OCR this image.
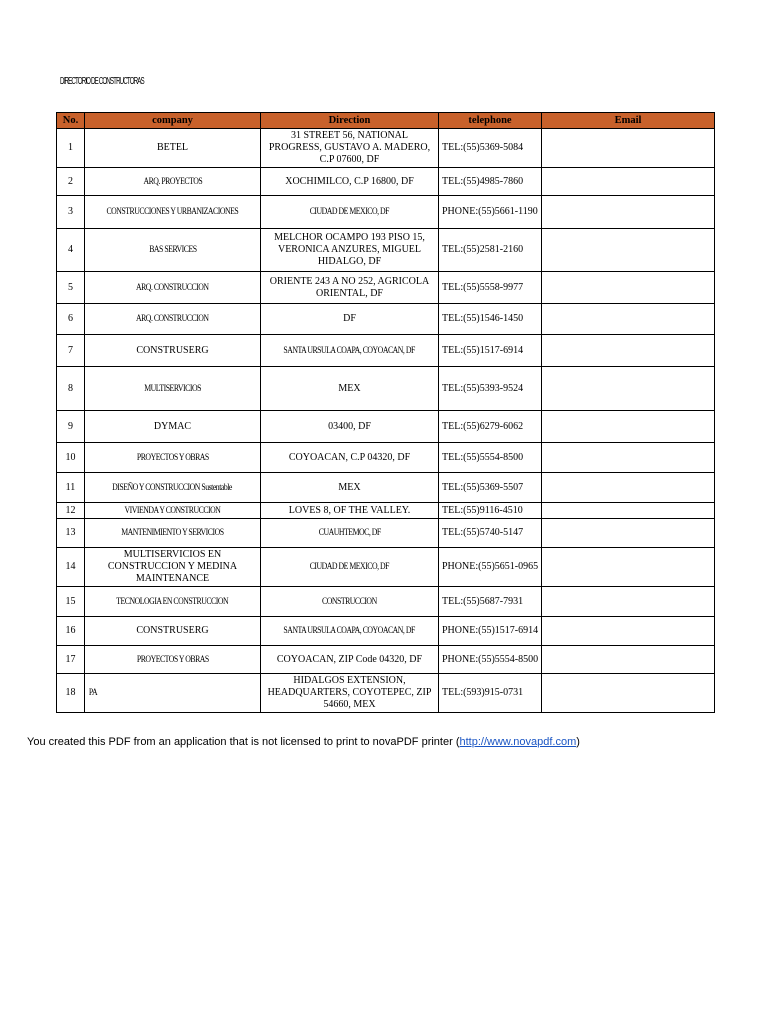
DIRECTORIO DE CONSTRUCTORAS
No.	company	Direction	telephone	Email
1	BETEL	31 STREET 56, NATIONAL PROGRESS, GUSTAVO A. MADERO, C.P 07600, DF	TEL:(55)5369-5084	
2	ARQ. PROYECTOS	XOCHIMILCO, C.P 16800, DF	TEL:(55)4985-7860	
3	CONSTRUCCIONES Y URBANIZACIONES	CIUDAD DE MEXICO, DF	PHONE:(55)5661-1190	
4	BAS SERVICES	MELCHOR OCAMPO 193 PISO 15, VERONICA ANZURES, MIGUEL HIDALGO, DF	TEL:(55)2581-2160	
5	ARQ. CONSTRUCCION	ORIENTE 243 A NO 252, AGRICOLA ORIENTAL, DF	TEL:(55)5558-9977	
6	ARQ. CONSTRUCCION	DF	TEL:(55)1546-1450	
7	CONSTRUSERG	SANTA URSULA COAPA, COYOACAN, DF	TEL:(55)1517-6914	
8	MULTISERVICIOS	MEX	TEL:(55)5393-9524	
9	DYMAC	03400, DF	TEL:(55)6279-6062	
10	PROYECTOS Y OBRAS	COYOACAN, C.P 04320, DF	TEL:(55)5554-8500	
11	DISEÑO Y CONSTRUCCION Sustentable	MEX	TEL:(55)5369-5507	
12	VIVIENDA Y CONSTRUCCION	LOVES 8, OF THE VALLEY.	TEL:(55)9116-4510	
13	MANTENIMIENTO Y SERVICIOS	CUAUHTEMOC, DF	TEL:(55)5740-5147	
14	MULTISERVICIOS EN CONSTRUCCION Y MEDINA MAINTENANCE	CIUDAD DE MEXICO, DF	PHONE:(55)5651-0965	
15	TECNOLOGIA EN CONSTRUCCION	CONSTRUCCION	TEL:(55)5687-7931	
16	CONSTRUSERG	SANTA URSULA COAPA, COYOACAN, DF	PHONE:(55)1517-6914	
17	PROYECTOS Y OBRAS	COYOACAN, ZIP Code 04320, DF	PHONE:(55)5554-8500	
18	PA	HIDALGOS EXTENSION, HEADQUARTERS, COYOTEPEC, ZIP 54660, MEX	TEL:(593)915-0731	
You created this PDF from an application that is not licensed to print to novaPDF printer (http://www.novapdf.com)
